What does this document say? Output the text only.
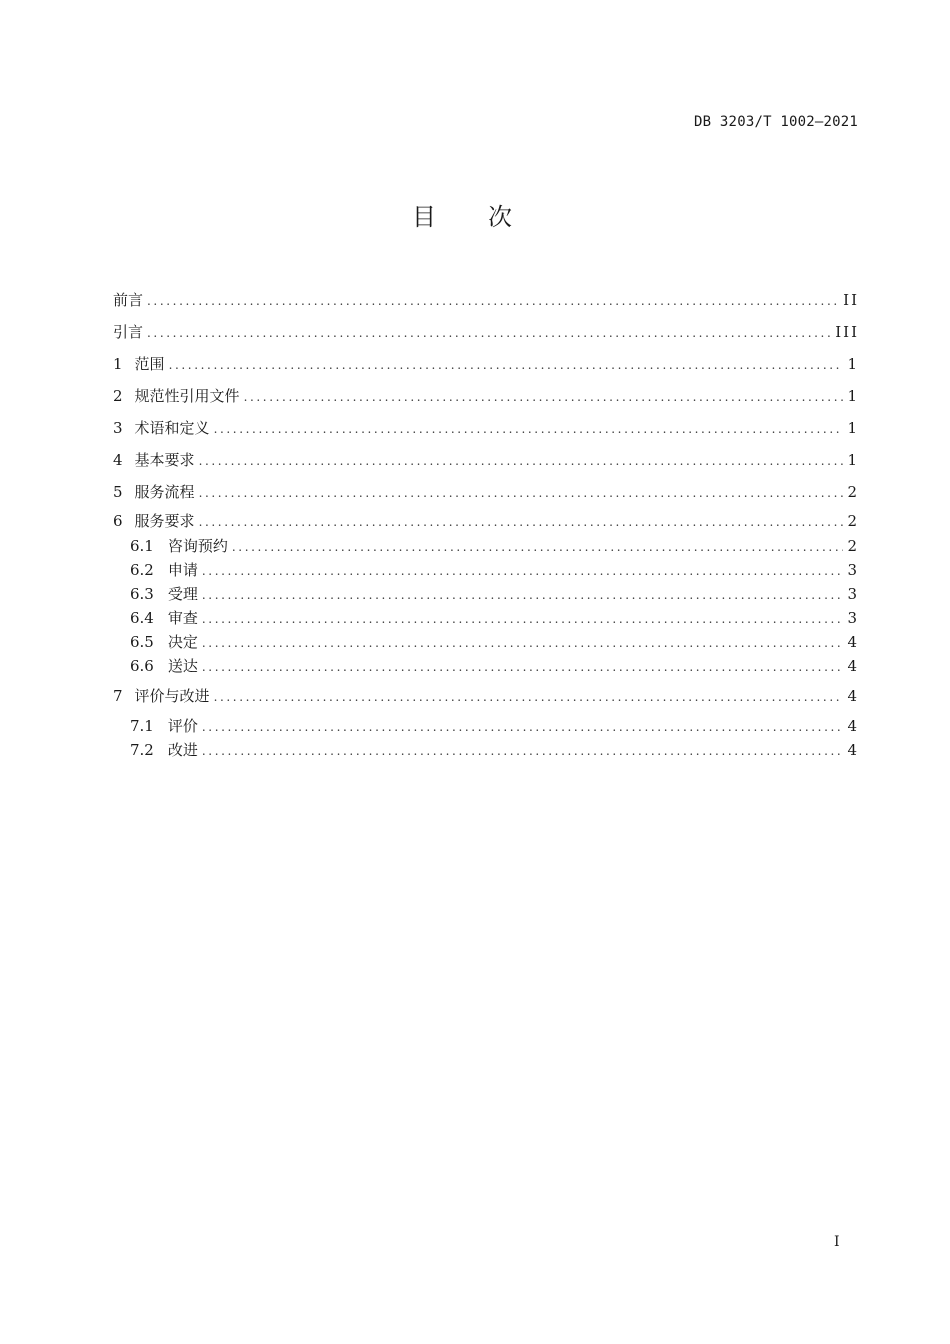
DB 3203/T 1002—2021
目次
前言 .....	II
引言 .....	III
1 范围 .....	1
2 规范性引用文件 .....	1
3 术语和定义 .....	1
4 基本要求 .....	1
5 服务流程 .....	2
6 服务要求 .....	2
6.1 咨询预约 .....	2
6.2 申请 .....	3
6.3 受理 .....	3
6.4 审查 .....	3
6.5 决定 .....	4
6.6 送达 .....	4
7 评价与改进 .....	4
7.1 评价 .....	4
7.2 改进 .....	4
I
